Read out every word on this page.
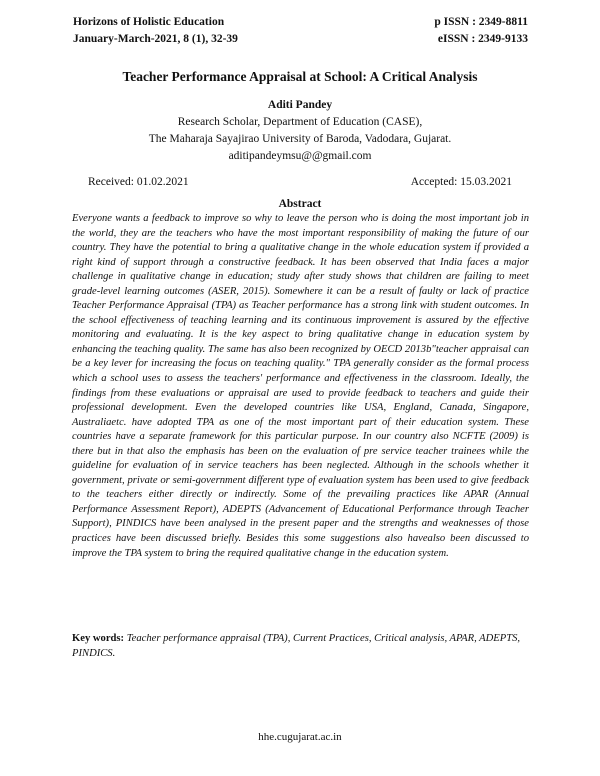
Horizons of Holistic Education
January-March-2021, 8 (1), 32-39
p ISSN : 2349-8811
eISSN : 2349-9133
Teacher Performance Appraisal at School: A Critical Analysis
Aditi Pandey
Research Scholar, Department of Education (CASE),
The Maharaja Sayajirao University of Baroda, Vadodara, Gujarat.
aditipandeymsu@@gmail.com
Received: 01.02.2021	Accepted: 15.03.2021
Abstract

Everyone wants a feedback to improve so why to leave the person who is doing the most important job in the world, they are the teachers who have the most important responsibility of making the future of our country. They have the potential to bring a qualitative change in the whole education system if provided a right kind of support through a constructive feedback. It has been observed that India faces a major challenge in qualitative change in education; study after study shows that children are failing to meet grade-level learning outcomes (ASER, 2015). Somewhere it can be a result of faulty or lack of practice Teacher Performance Appraisal (TPA) as Teacher performance has a strong link with student outcomes. In the school effectiveness of teaching learning and its continuous improvement is assured by the effective monitoring and evaluating. It is the key aspect to bring qualitative change in education system by enhancing the teaching quality. The same has also been recognized by OECD 2013b"teacher appraisal can be a key lever for increasing the focus on teaching quality." TPA generally consider as the formal process which a school uses to assess the teachers' performance and effectiveness in the classroom. Ideally, the findings from these evaluations or appraisal are used to provide feedback to teachers and guide their professional development. Even the developed countries like USA, England, Canada, Singapore, Australiaetc. have adopted TPA as one of the most important part of their education system. These countries have a separate framework for this particular purpose. In our country also NCFTE (2009) is there but in that also the emphasis has been on the evaluation of pre service teacher trainees while the guideline for evaluation of in service teachers has been neglected. Although in the schools whether it government, private or semi-government different type of evaluation system has been used to give feedback to the teachers either directly or indirectly. Some of the prevailing practices like APAR (Annual Performance Assessment Report), ADEPTS (Advancement of Educational Performance through Teacher Support), PINDICS have been analysed in the present paper and the strengths and weaknesses of those practices have been discussed briefly. Besides this some suggestions also havealso been discussed to improve the TPA system to bring the required qualitative change in the education system.

Key words: Teacher performance appraisal (TPA), Current Practices, Critical analysis, APAR, ADEPTS, PINDICS.

hhe.cugujarat.ac.in
